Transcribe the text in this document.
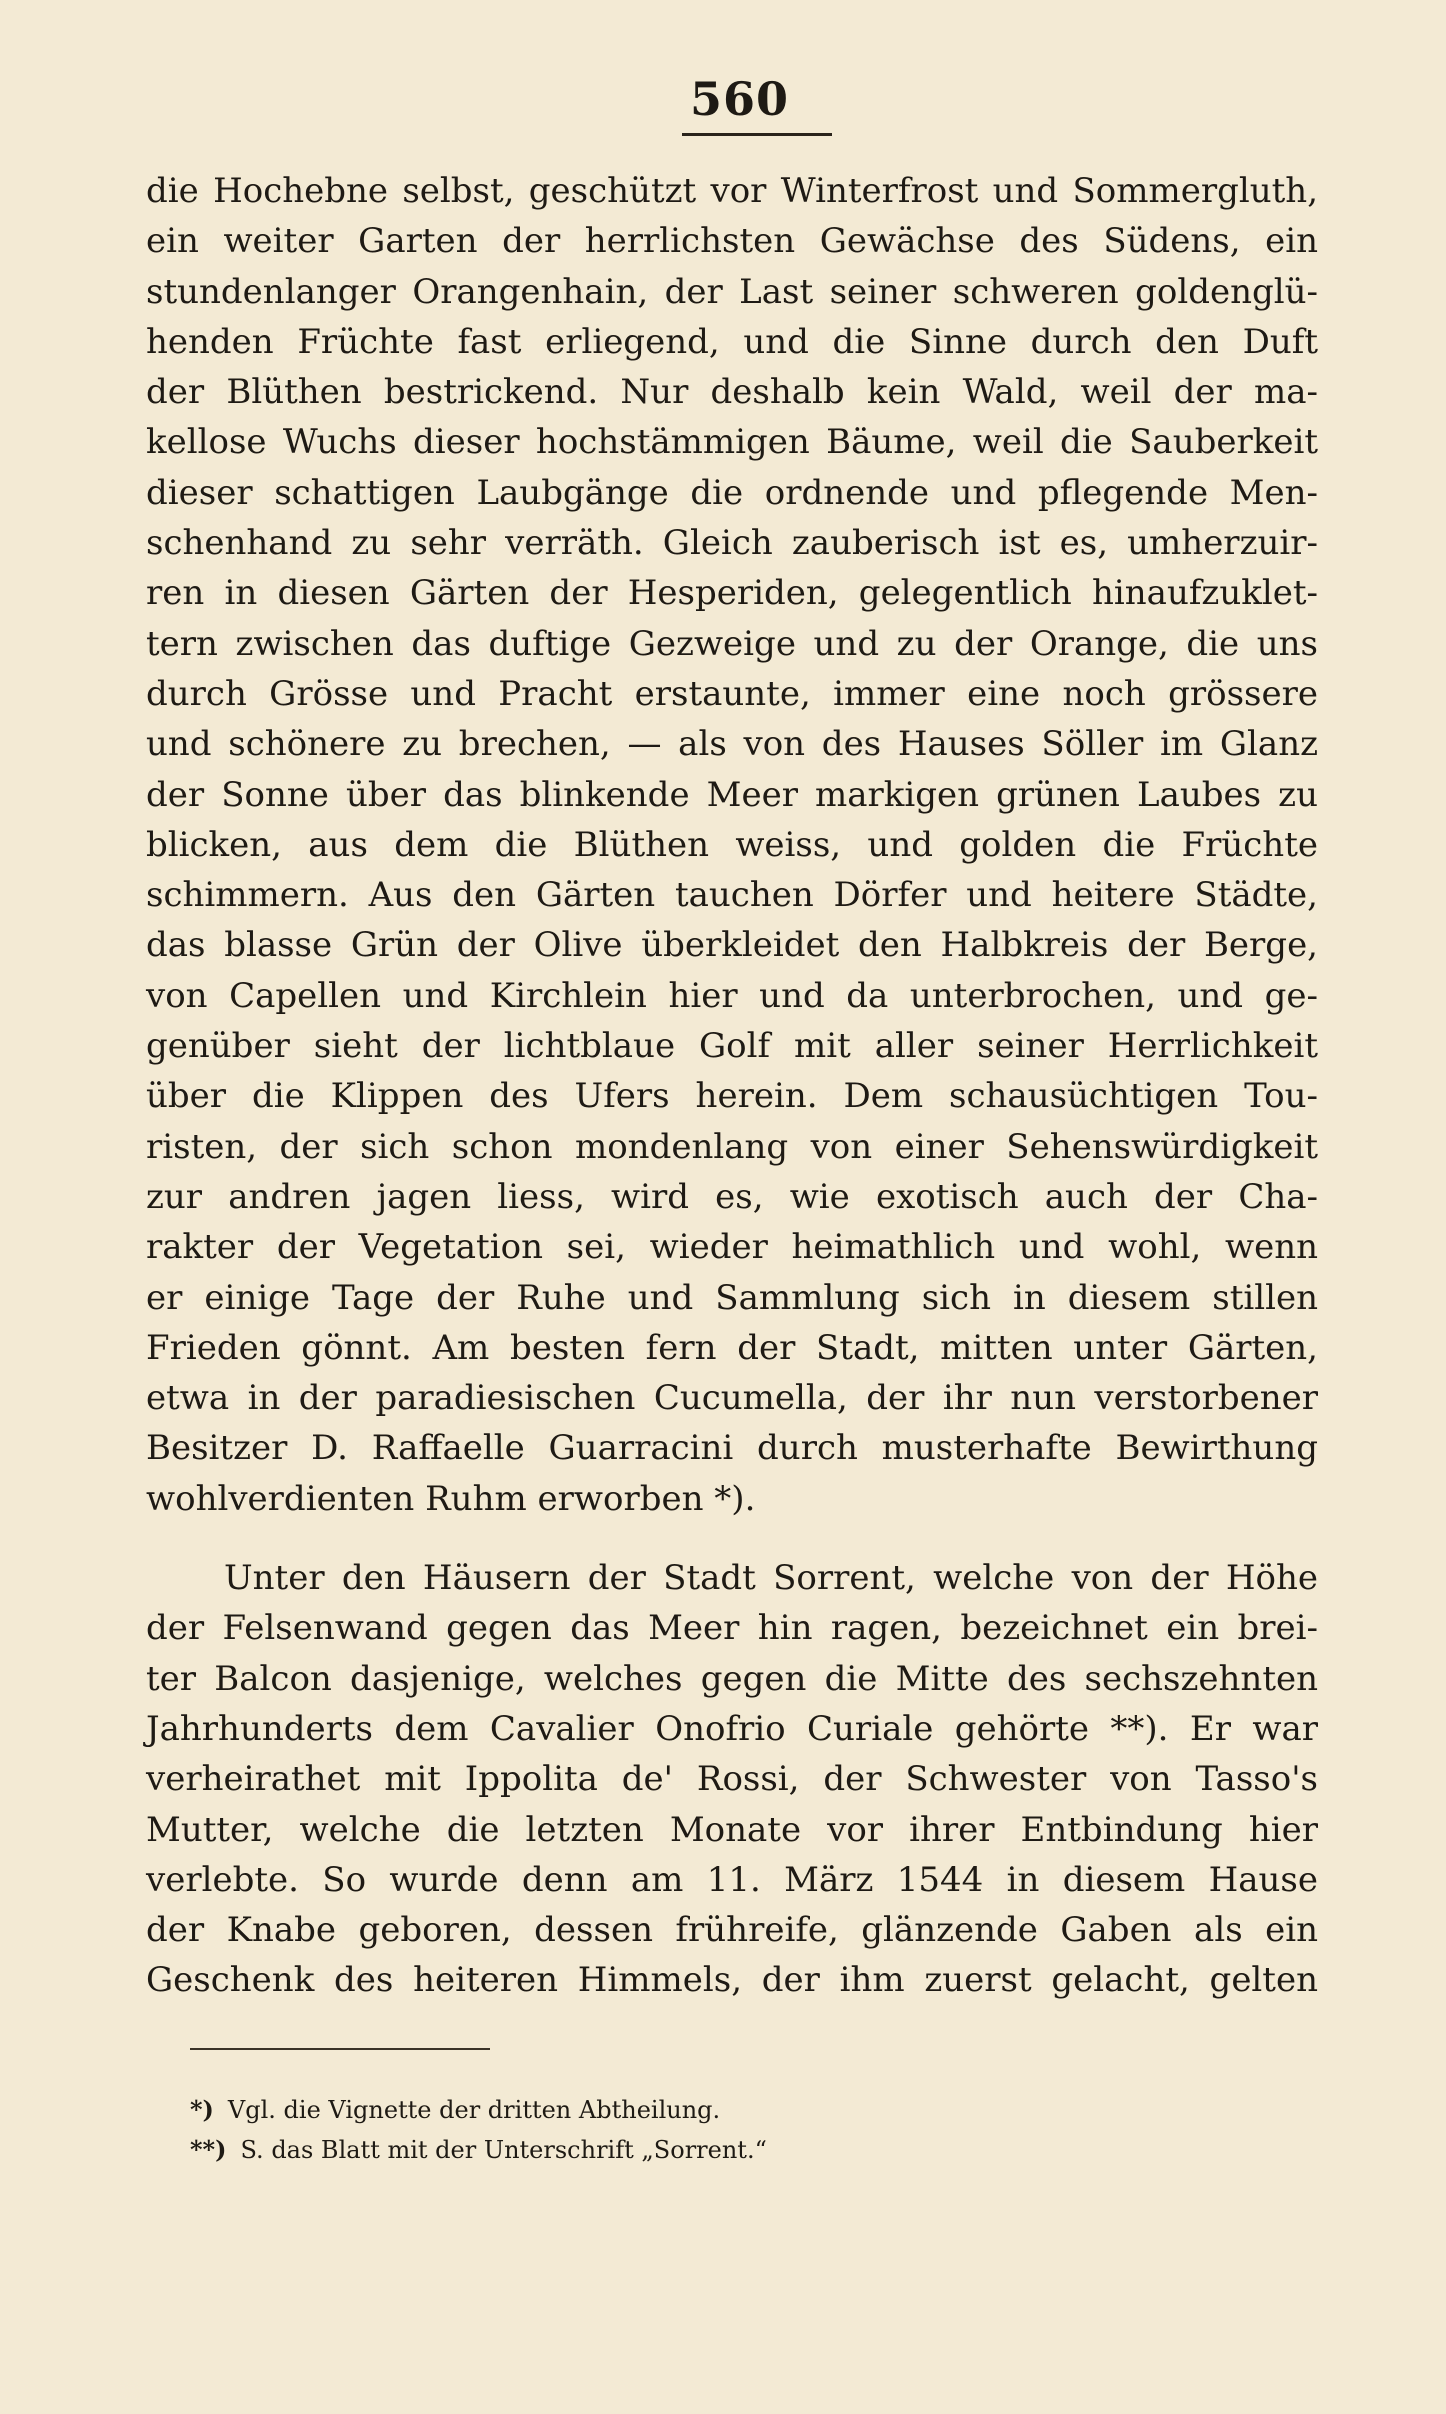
560
die Hochebne selbst, geschützt vor Winterfrost und Sommergluth,
ein weiter Garten der herrlichsten Gewächse des Südens, ein
stundenlanger Orangenhain, der Last seiner schweren goldenglü-
henden Früchte fast erliegend, und die Sinne durch den Duft
der Blüthen bestrickend. Nur deshalb kein Wald, weil der ma-
kellose Wuchs dieser hochstämmigen Bäume, weil die Sauberkeit
dieser schattigen Laubgänge die ordnende und pflegende Men-
schenhand zu sehr verräth. Gleich zauberisch ist es, umherzuir-
ren in diesen Gärten der Hesperiden, gelegentlich hinaufzuklet-
tern zwischen das duftige Gezweige und zu der Orange, die uns
durch Grösse und Pracht erstaunte, immer eine noch grössere
und schönere zu brechen, — als von des Hauses Söller im Glanz
der Sonne über das blinkende Meer markigen grünen Laubes zu
blicken, aus dem die Blüthen weiss, und golden die Früchte
schimmern. Aus den Gärten tauchen Dörfer und heitere Städte,
das blasse Grün der Olive überkleidet den Halbkreis der Berge,
von Capellen und Kirchlein hier und da unterbrochen, und ge-
genüber sieht der lichtblaue Golf mit aller seiner Herrlichkeit
über die Klippen des Ufers herein. Dem schausüchtigen Tou-
risten, der sich schon mondenlang von einer Sehenswürdigkeit
zur andren jagen liess, wird es, wie exotisch auch der Cha-
rakter der Vegetation sei, wieder heimathlich und wohl, wenn
er einige Tage der Ruhe und Sammlung sich in diesem stillen
Frieden gönnt. Am besten fern der Stadt, mitten unter Gärten,
etwa in der paradiesischen Cucumella, der ihr nun verstorbener
Besitzer D. Raffaelle Guarracini durch musterhafte Bewirthung
wohlverdienten Ruhm erworben *).
Unter den Häusern der Stadt Sorrent, welche von der Höhe
der Felsenwand gegen das Meer hin ragen, bezeichnet ein brei-
ter Balcon dasjenige, welches gegen die Mitte des sechszehnten
Jahrhunderts dem Cavalier Onofrio Curiale gehörte **). Er war
verheirathet mit Ippolita de' Rossi, der Schwester von Tasso's
Mutter, welche die letzten Monate vor ihrer Entbindung hier
verlebte. So wurde denn am 11. März 1544 in diesem Hause
der Knabe geboren, dessen frühreife, glänzende Gaben als ein
Geschenk des heiteren Himmels, der ihm zuerst gelacht, gelten
*) Vgl. die Vignette der dritten Abtheilung.
**) S. das Blatt mit der Unterschrift „Sorrent.“
